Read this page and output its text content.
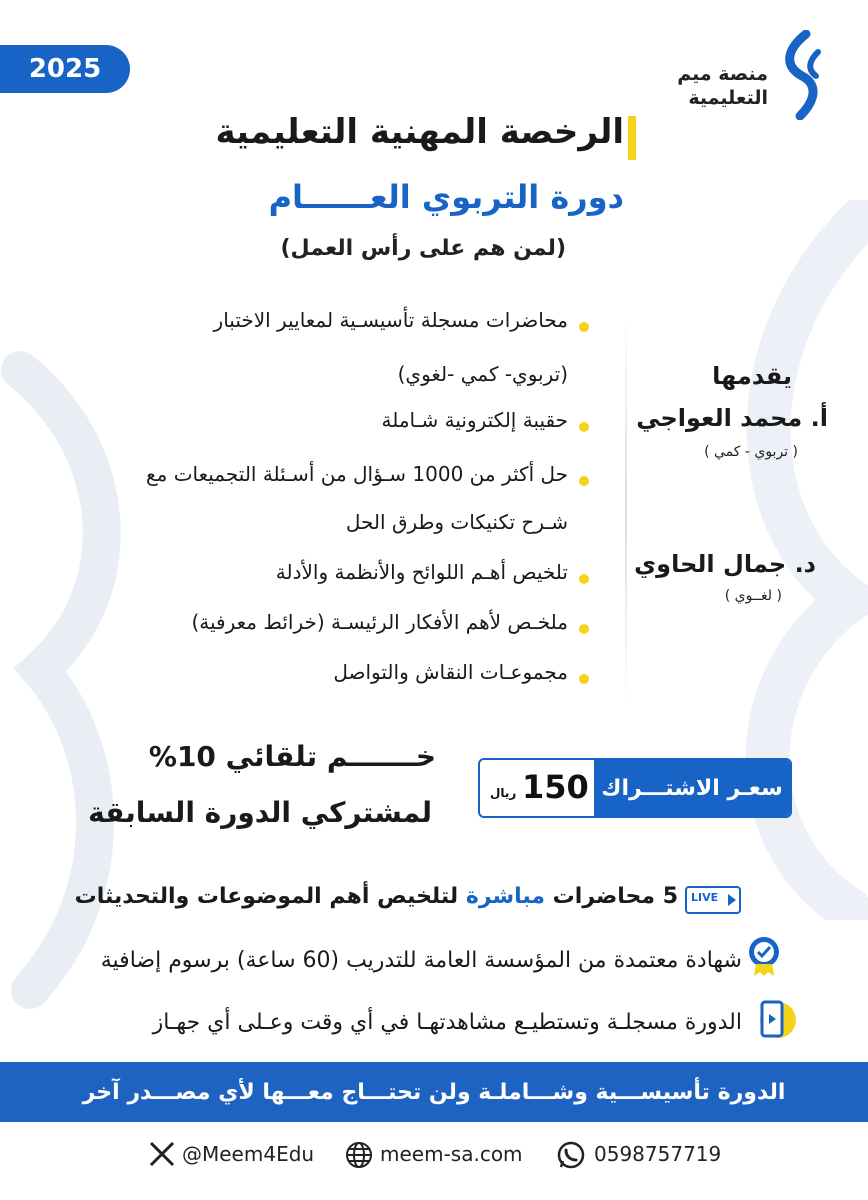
2025	منصة ميم
التعليمية
الرخصة المهنية التعليمية
دورة التربوي العــــــام
(لمن هم على رأس العمل)
محاضرات مسجلة تأسيسـية لمعايير الاختبار
(تربوي- كمي -لغوي)
حقيبة إلكترونية شـاملة
حل أكثر من 1000 سـؤال من أسـئلة التجميعات مع
شـرح تكنيكات وطرق الحل
تلخيص أهـم اللوائح والأنظمة والأدلة
ملخـص لأهم الأفكار الرئيسـة (خرائط معرفية)
مجموعـات النقاش والتواصل
يقدمها
أ. محمد العواجي
( تربوي - كمي )
د. جمال الحاوي
( لغــوي )
خـــــــم تلقائي 10%
لمشتركي الدورة السابقة
سعـر الاشتـــراك
150
ريال
LIVE
5 محاضرات مباشرة لتلخيص أهم الموضوعات والتحديثات
شهادة معتمدة من المؤسسة العامة للتدريب (60 ساعة) برسوم إضافية
الدورة مسجلـة وتستطيـع مشاهدتهـا في أي وقت وعـلى أي جهـاز
الدورة تأسيســـية وشـــاملـة ولن تحتـــاج معـــها لأي مصـــدر آخر
@Meem4Edu	meem-sa.com	0598757719
